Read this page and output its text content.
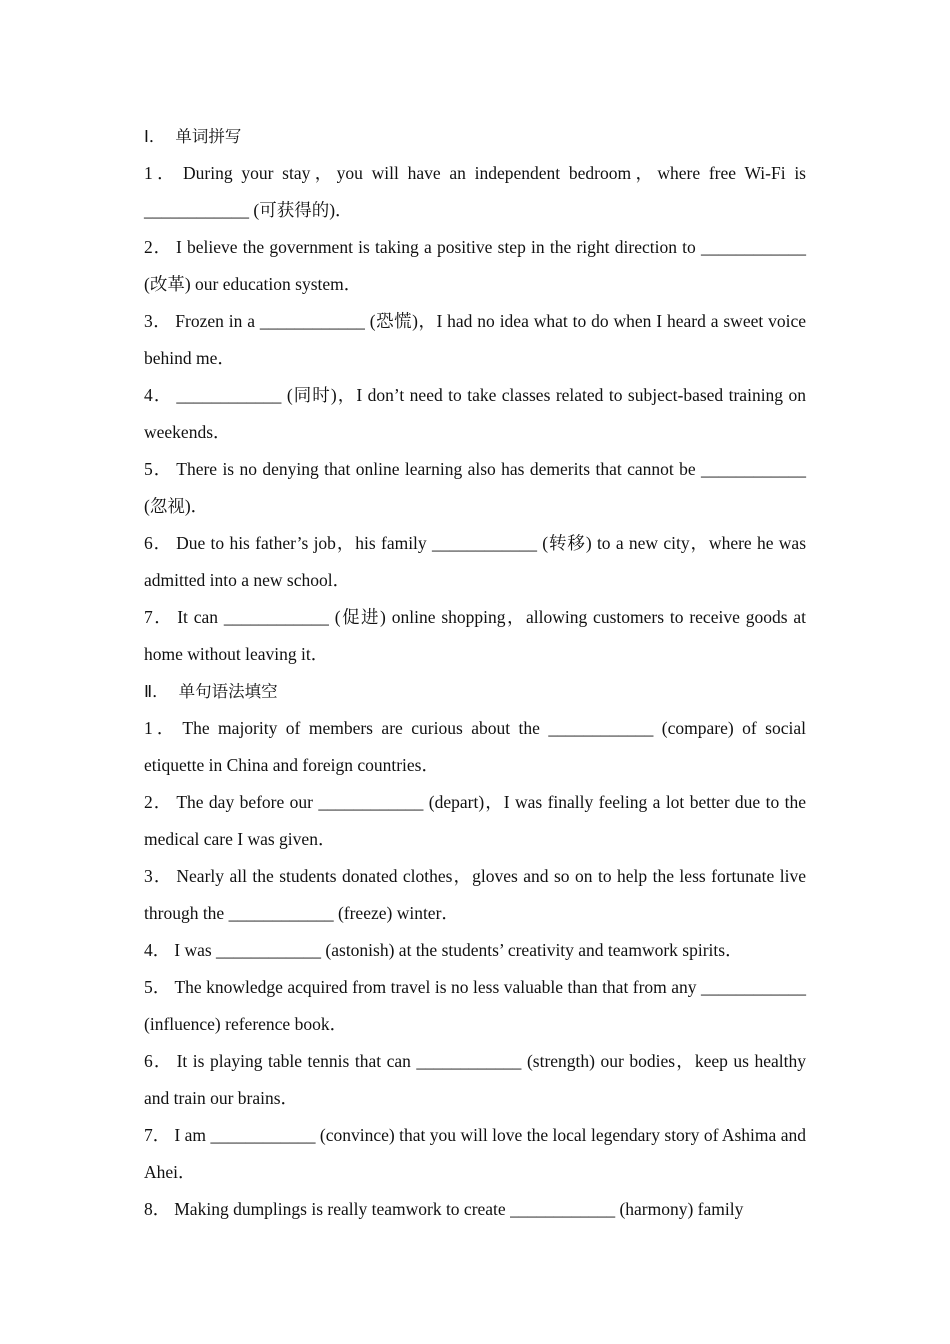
Ⅰ． 单词拼写

1． During your stay，you will have an independent bedroom，where free Wi-Fi is ____________ (可获得的)．

2． I believe the government is taking a positive step in the right direction to ____________ (改革) our education system．

3． Frozen in a ____________ (恐慌)，I had no idea what to do when I heard a sweet voice behind me．

4． ____________ (同时)，I don’t need to take classes related to subject-based training on weekends．

5． There is no denying that online learning also has demerits that cannot be ____________ (忽视)．

6． Due to his father’s job，his family ____________ (转移) to a new city，where he was admitted into a new school．

7． It can ____________ (促进) online shopping，allowing customers to receive goods at home without leaving it．

Ⅱ． 单句语法填空

1． The majority of members are curious about the ____________ (compare) of social etiquette in China and foreign countries．

2． The day before our ____________ (depart)，I was finally feeling a lot better due to the medical care I was given．

3． Nearly all the students donated clothes，gloves and so on to help the less fortunate live through the ____________ (freeze) winter．

4． I was ____________ (astonish) at the students’ creativity and teamwork spirits．

5． The knowledge acquired from travel is no less valuable than that from any ____________ (influence) reference book．

6． It is playing table tennis that can ____________ (strength) our bodies，keep us healthy and train our brains．

7． I am ____________ (convince) that you will love the local legendary story of Ashima and Ahei．

8． Making dumplings is really teamwork to create ____________ (harmony) family
